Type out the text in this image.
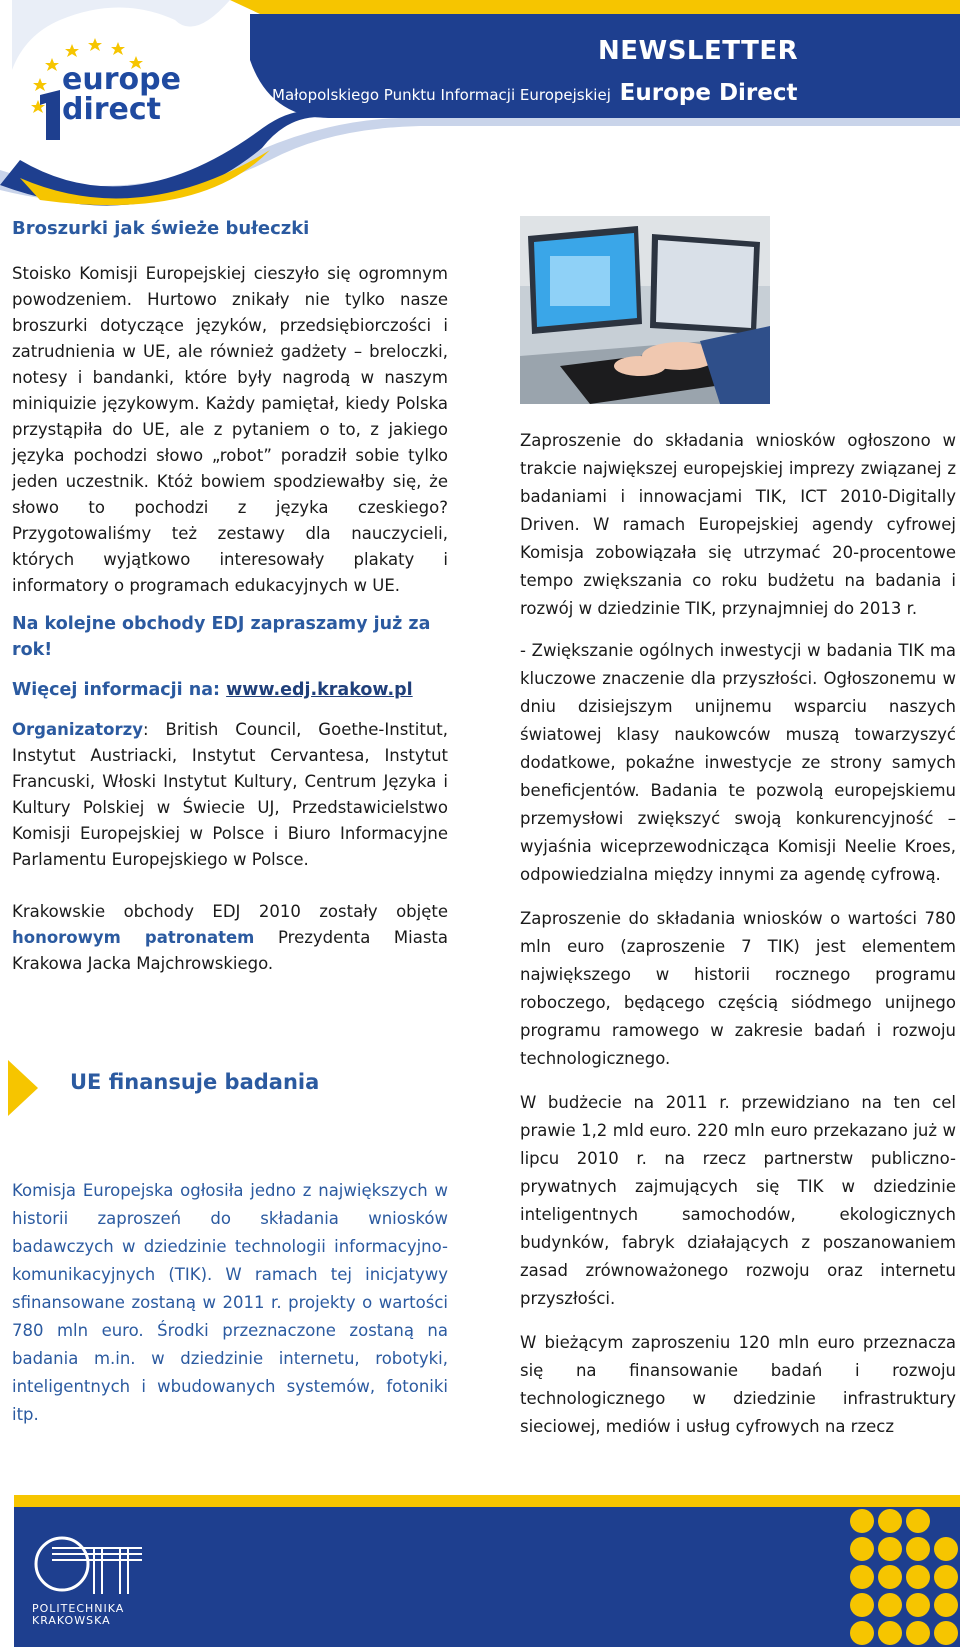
europe
direct
NEWSLETTER
Małopolskiego Punktu Informacji Europejskiej Europe Direct
Broszurki jak świeże bułeczki

Stoisko Komisji Europejskiej cieszyło się ogromnym powodzeniem. Hurtowo znikały nie tylko nasze broszurki dotyczące języków, przedsiębiorczości i zatrudnienia w UE, ale również gadżety – breloczki, notesy i bandanki, które były nagrodą w naszym miniquizie językowym. Każdy pamiętał, kiedy Polska przystąpiła do UE, ale z pytaniem o to, z jakiego języka pochodzi słowo „robot” poradził sobie tylko jeden uczestnik. Któż bowiem spodziewałby się, że słowo to pochodzi z języka czeskiego? Przygotowaliśmy też zestawy dla nauczycieli, których wyjątkowo interesowały plakaty i informatory o programach edukacyjnych w UE.

Na kolejne obchody EDJ zapraszamy już za rok!

Więcej informacji na: www.edj.krakow.pl

Organizatorzy: British Council, Goethe-Institut, Instytut Austriacki, Instytut Cervantesa, Instytut Francuski, Włoski Instytut Kultury, Centrum Języka i Kultury Polskiej w Świecie UJ, Przedstawicielstwo Komisji Europejskiej w Polsce i Biuro Informacyjne Parlamentu Europejskiego w Polsce.

Krakowskie obchody EDJ 2010 zostały objęte honorowym patronatem Prezydenta Miasta Krakowa Jacka Majchrowskiego.

UE finansuje badania

Komisja Europejska ogłosiła jedno z największych w historii zaproszeń do składania wniosków badawczych w dziedzinie technologii informacyjno-komunikacyjnych (TIK). W ramach tej inicjatywy sfinansowane zostaną w 2011 r. projekty o wartości 780 mln euro. Środki przeznaczone zostaną na badania m.in. w dziedzinie internetu, robotyki, inteligentnych i wbudowanych systemów, fotoniki itp.

Zaproszenie do składania wniosków ogłoszono w trakcie największej europejskiej imprezy związanej z badaniami i innowacjami TIK, ICT 2010-Digitally Driven. W ramach Europejskiej agendy cyfrowej Komisja zobowiązała się utrzymać 20-procentowe tempo zwiększania co roku budżetu na badania i rozwój w dziedzinie TIK, przynajmniej do 2013 r.

- Zwiększanie ogólnych inwestycji w badania TIK ma kluczowe znaczenie dla przyszłości. Ogłoszonemu w dniu dzisiejszym unijnemu wsparciu naszych światowej klasy naukowców muszą towarzyszyć dodatkowe, pokaźne inwestycje ze strony samych beneficjentów. Badania te pozwolą europejskiemu przemysłowi zwiększyć swoją konkurencyjność – wyjaśnia wiceprzewodnicząca Komisji Neelie Kroes, odpowiedzialna między innymi za agendę cyfrową.

Zaproszenie do składania wniosków o wartości 780 mln euro (zaproszenie 7 TIK) jest elementem największego w historii rocznego programu roboczego, będącego częścią siódmego unijnego programu ramowego w zakresie badań i rozwoju technologicznego.

W budżecie na 2011 r. przewidziano na ten cel prawie 1,2 mld euro. 220 mln euro przekazano już w lipcu 2010 r. na rzecz partnerstw publiczno-prywatnych zajmujących się TIK w dziedzinie inteligentnych samochodów, ekologicznych budynków, fabryk działających z poszanowaniem zasad zrównoważonego rozwoju oraz internetu przyszłości.

W bieżącym zaproszeniu 120 mln euro przeznacza się na finansowanie badań i rozwoju technologicznego w dziedzinie infrastruktury sieciowej, mediów i usług cyfrowych na rzecz

POLITECHNIKA
KRAKOWSKA
